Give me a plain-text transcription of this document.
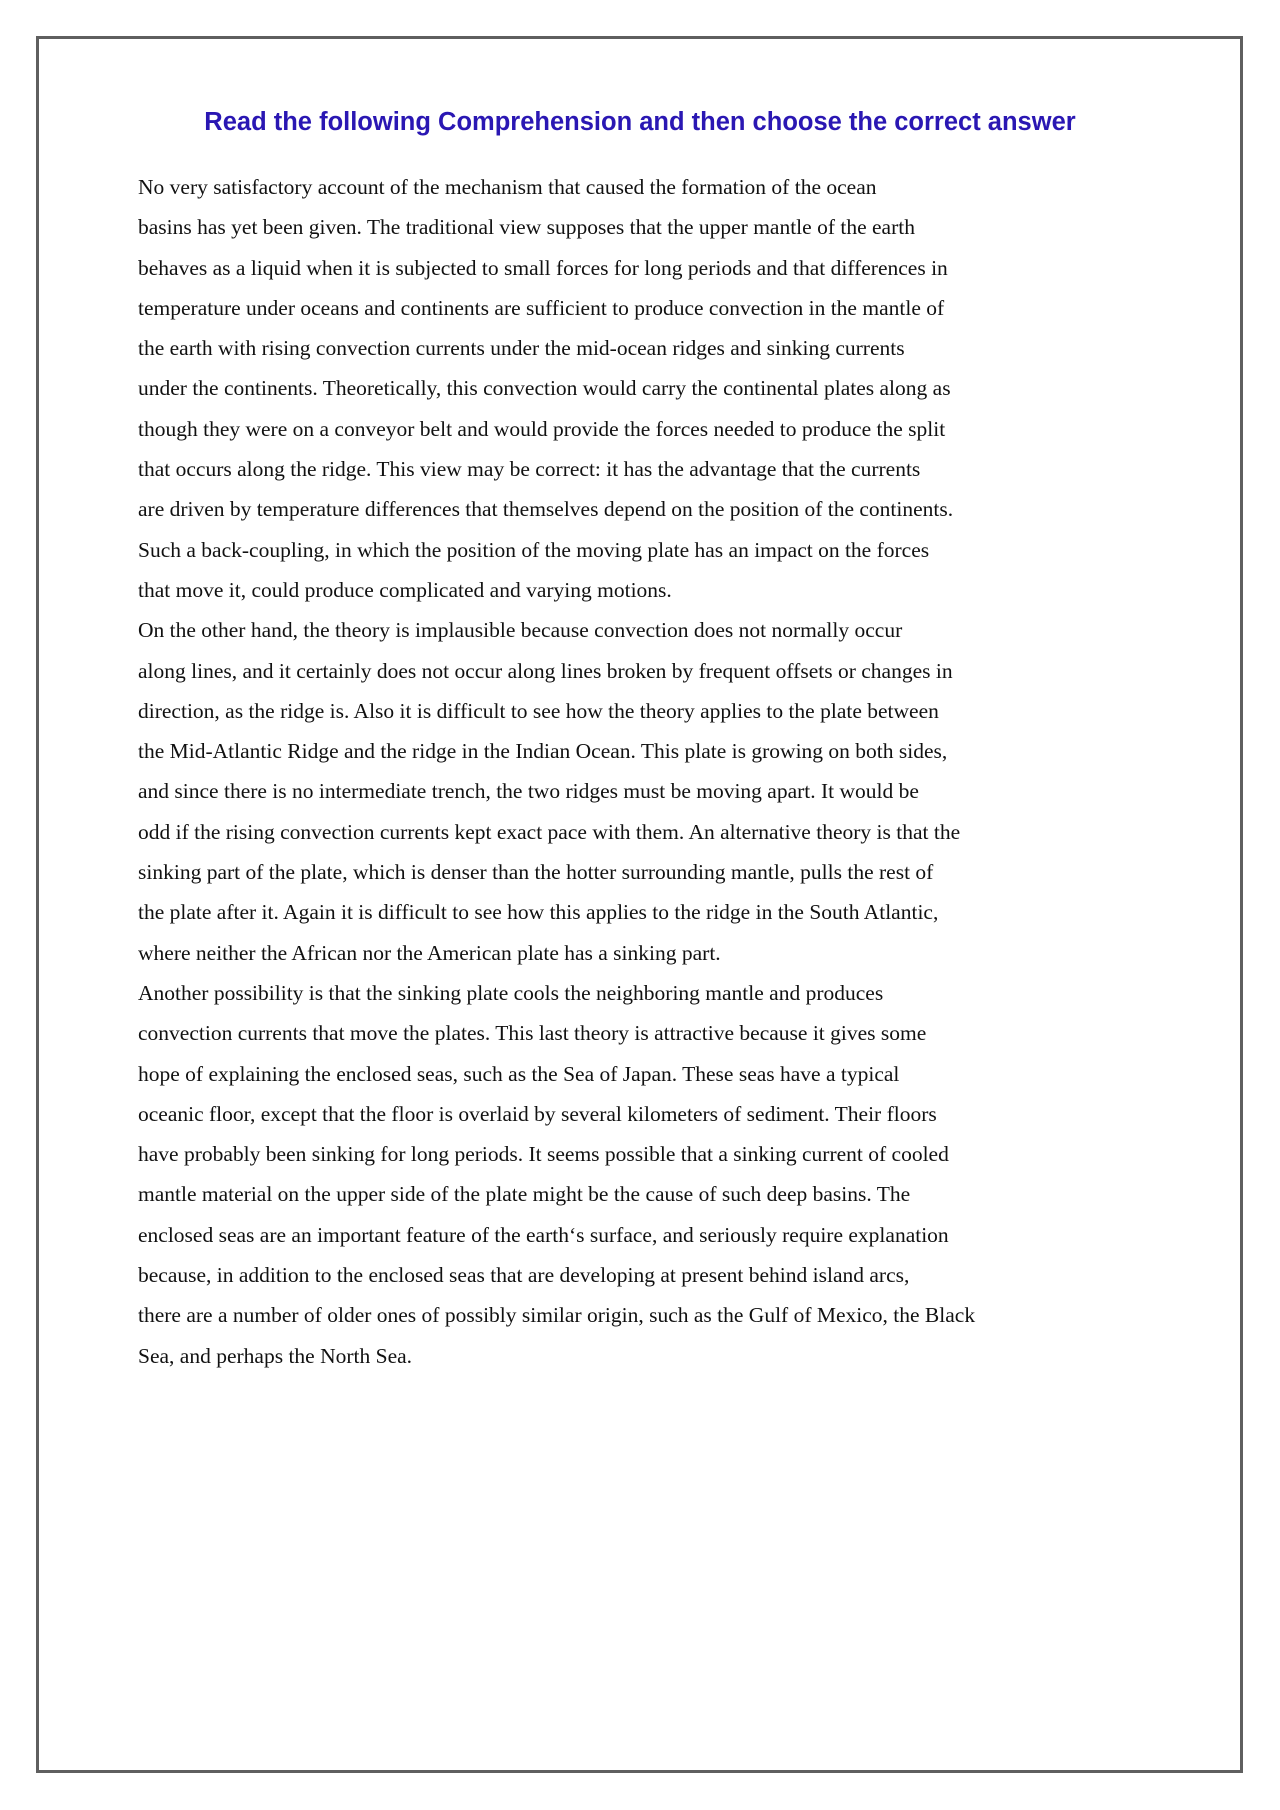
Read the following Comprehension and then choose the correct answer
No very satisfactory account of the mechanism that caused the formation of the ocean
basins has yet been given. The traditional view supposes that the upper mantle of the earth
behaves as a liquid when it is subjected to small forces for long periods and that differences in
temperature under oceans and continents are sufficient to produce convection in the mantle of
the earth with rising convection currents under the mid-ocean ridges and sinking currents
under the continents. Theoretically, this convection would carry the continental plates along as
though they were on a conveyor belt and would provide the forces needed to produce the split
that occurs along the ridge. This view may be correct: it has the advantage that the currents
are driven by temperature differences that themselves depend on the position of the continents.
Such a back-coupling, in which the position of the moving plate has an impact on the forces
that move it, could produce complicated and varying motions.
On the other hand, the theory is implausible because convection does not normally occur
along lines, and it certainly does not occur along lines broken by frequent offsets or changes in
direction, as the ridge is. Also it is difficult to see how the theory applies to the plate between
the Mid-Atlantic Ridge and the ridge in the Indian Ocean. This plate is growing on both sides,
and since there is no intermediate trench, the two ridges must be moving apart. It would be
odd if the rising convection currents kept exact pace with them. An alternative theory is that the
sinking part of the plate, which is denser than the hotter surrounding mantle, pulls the rest of
the plate after it. Again it is difficult to see how this applies to the ridge in the South Atlantic,
where neither the African nor the American plate has a sinking part.
Another possibility is that the sinking plate cools the neighboring mantle and produces
convection currents that move the plates. This last theory is attractive because it gives some
hope of explaining the enclosed seas, such as the Sea of Japan. These seas have a typical
oceanic floor, except that the floor is overlaid by several kilometers of sediment. Their floors
have probably been sinking for long periods. It seems possible that a sinking current of cooled
mantle material on the upper side of the plate might be the cause of such deep basins. The
enclosed seas are an important feature of the earth‘s surface, and seriously require explanation
because, in addition to the enclosed seas that are developing at present behind island arcs,
there are a number of older ones of possibly similar origin, such as the Gulf of Mexico, the Black
Sea, and perhaps the North Sea.
